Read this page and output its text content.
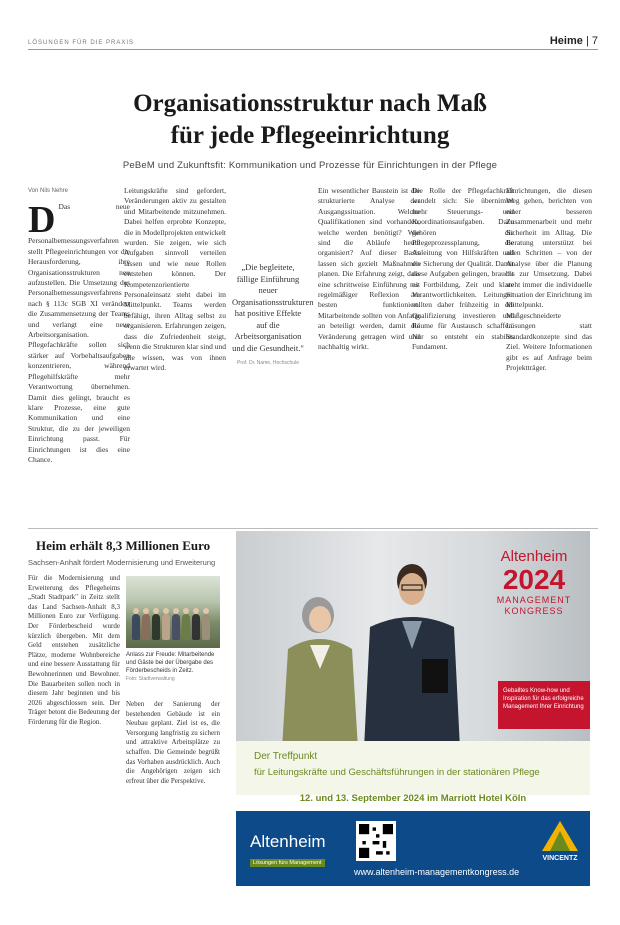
LÖSUNGEN FÜR DIE PRAXIS	Heime | 7
Organisationsstruktur nach Maß
für jede Pflegeeinrichtung
PeBeM und Zukunftsfit: Kommunikation und Prozesse für Einrichtungen in der Pflege
Von Nils Nehre
D Das neue Personalbemessungsverfahren stellt Pflegeeinrichtungen vor die Herausforderung, ihre Organisationsstrukturen neu aufzustellen. Die Umsetzung des Personalbemessungsverfahrens nach § 113c SGB XI verändert die Zusammensetzung der Teams und verlangt eine neue Arbeitsorganisation. Pflegefachkräfte sollen sich stärker auf Vorbehaltsaufgaben konzentrieren, während Pflegehilfskräfte mehr Verantwortung übernehmen. Damit dies gelingt, braucht es klare Prozesse, eine gute Kommunikation und eine Struktur, die zu der jeweiligen Einrichtung passt. Für Einrichtungen ist dies eine Chance.
Leitungskräfte sind gefordert, Veränderungen aktiv zu gestalten und Mitarbeitende mitzunehmen. Dabei helfen erprobte Konzepte, die in Modellprojekten entwickelt wurden. Sie zeigen, wie sich Aufgaben sinnvoll verteilen lassen und wie neue Rollen entstehen können. Der Kompetenzorientierte Personaleinsatz steht dabei im Mittelpunkt. Teams werden befähigt, ihren Alltag selbst zu organisieren. Erfahrungen zeigen, dass die Zufriedenheit steigt, wenn die Strukturen klar sind und alle wissen, was von ihnen erwartet wird.
Ein wesentlicher Baustein ist die strukturierte Analyse der Ausgangssituation. Welche Qualifikationen sind vorhanden, welche werden benötigt? Wie sind die Abläufe heute organisiert? Auf dieser Basis lassen sich gezielt Maßnahmen planen. Die Erfahrung zeigt, dass eine schrittweise Einführung mit regelmäßiger Reflexion am besten funktioniert. Mitarbeitende sollten von Anfang an beteiligt werden, damit die Veränderung getragen wird und nachhaltig wirkt.
Die Rolle der Pflegefachkraft wandelt sich: Sie übernimmt mehr Steuerungs- und Koordinationsaufgaben. Dazu gehören die Pflegeprozessplanung, die Anleitung von Hilfskräften und die Sicherung der Qualität. Damit diese Aufgaben gelingen, braucht es Fortbildung, Zeit und klare Verantwortlichkeiten. Leitungen sollten daher frühzeitig in die Qualifizierung investieren und Räume für Austausch schaffen. Nur so entsteht ein stabiles Fundament.
Einrichtungen, die diesen Weg gehen, berichten von einer besseren Zusammenarbeit und mehr Sicherheit im Alltag. Die Beratung unterstützt bei allen Schritten – von der Analyse über die Planung bis zur Umsetzung. Dabei steht immer die individuelle Situation der Einrichtung im Mittelpunkt. Maßgeschneiderte Lösungen statt Standardkonzepte sind das Ziel. Weitere Informationen gibt es auf Anfrage beim Projektträger.
„Die begleitete, fällige Einführung neuer Organisationsstrukturen hat positive Effekte auf die Arbeitsorganisation und die Gesundheit."
Prof. Dr. Name, Hochschule
Heim erhält 8,3 Millionen Euro
Sachsen-Anhalt fördert Modernisierung und Erweiterung
Für die Modernisierung und Erweiterung des Pflegeheims „Stadt Stadtpark" in Zeitz stellt das Land Sachsen-Anhalt 8,3 Millionen Euro zur Verfügung. Der Förderbescheid wurde kürzlich übergeben. Mit dem Geld entstehen zusätzliche Plätze, moderne Wohnbereiche und eine bessere Ausstattung für Bewohnerinnen und Bewohner. Die Bauarbeiten sollen noch in diesem Jahr beginnen und bis 2026 abgeschlossen sein. Der Träger betont die Bedeutung der Förderung für die Region.
Anlass zur Freude: Mitarbeitende und Gäste bei der Übergabe des Förderbescheids in Zeitz.
Foto: Stadtverwaltung
Neben der Sanierung der bestehenden Gebäude ist ein Neubau geplant. Ziel ist es, die Versorgung langfristig zu sichern und attraktive Arbeitsplätze zu schaffen. Die Gemeinde begrüßt das Vorhaben ausdrücklich. Auch die Angehörigen zeigen sich erfreut über die Perspektive.
Altenheim
2024
MANAGEMENT KONGRESS
Geballtes Know-how und Inspiration für das erfolgreiche Management Ihrer Einrichtung
Der Treffpunkt
für Leitungskräfte und Geschäftsführungen in der stationären Pflege
12. und 13. September 2024 im Marriott Hotel Köln
Altenheim
Lösungen fürs Management
www.altenheim-managementkongress.de
VINCENTZ
